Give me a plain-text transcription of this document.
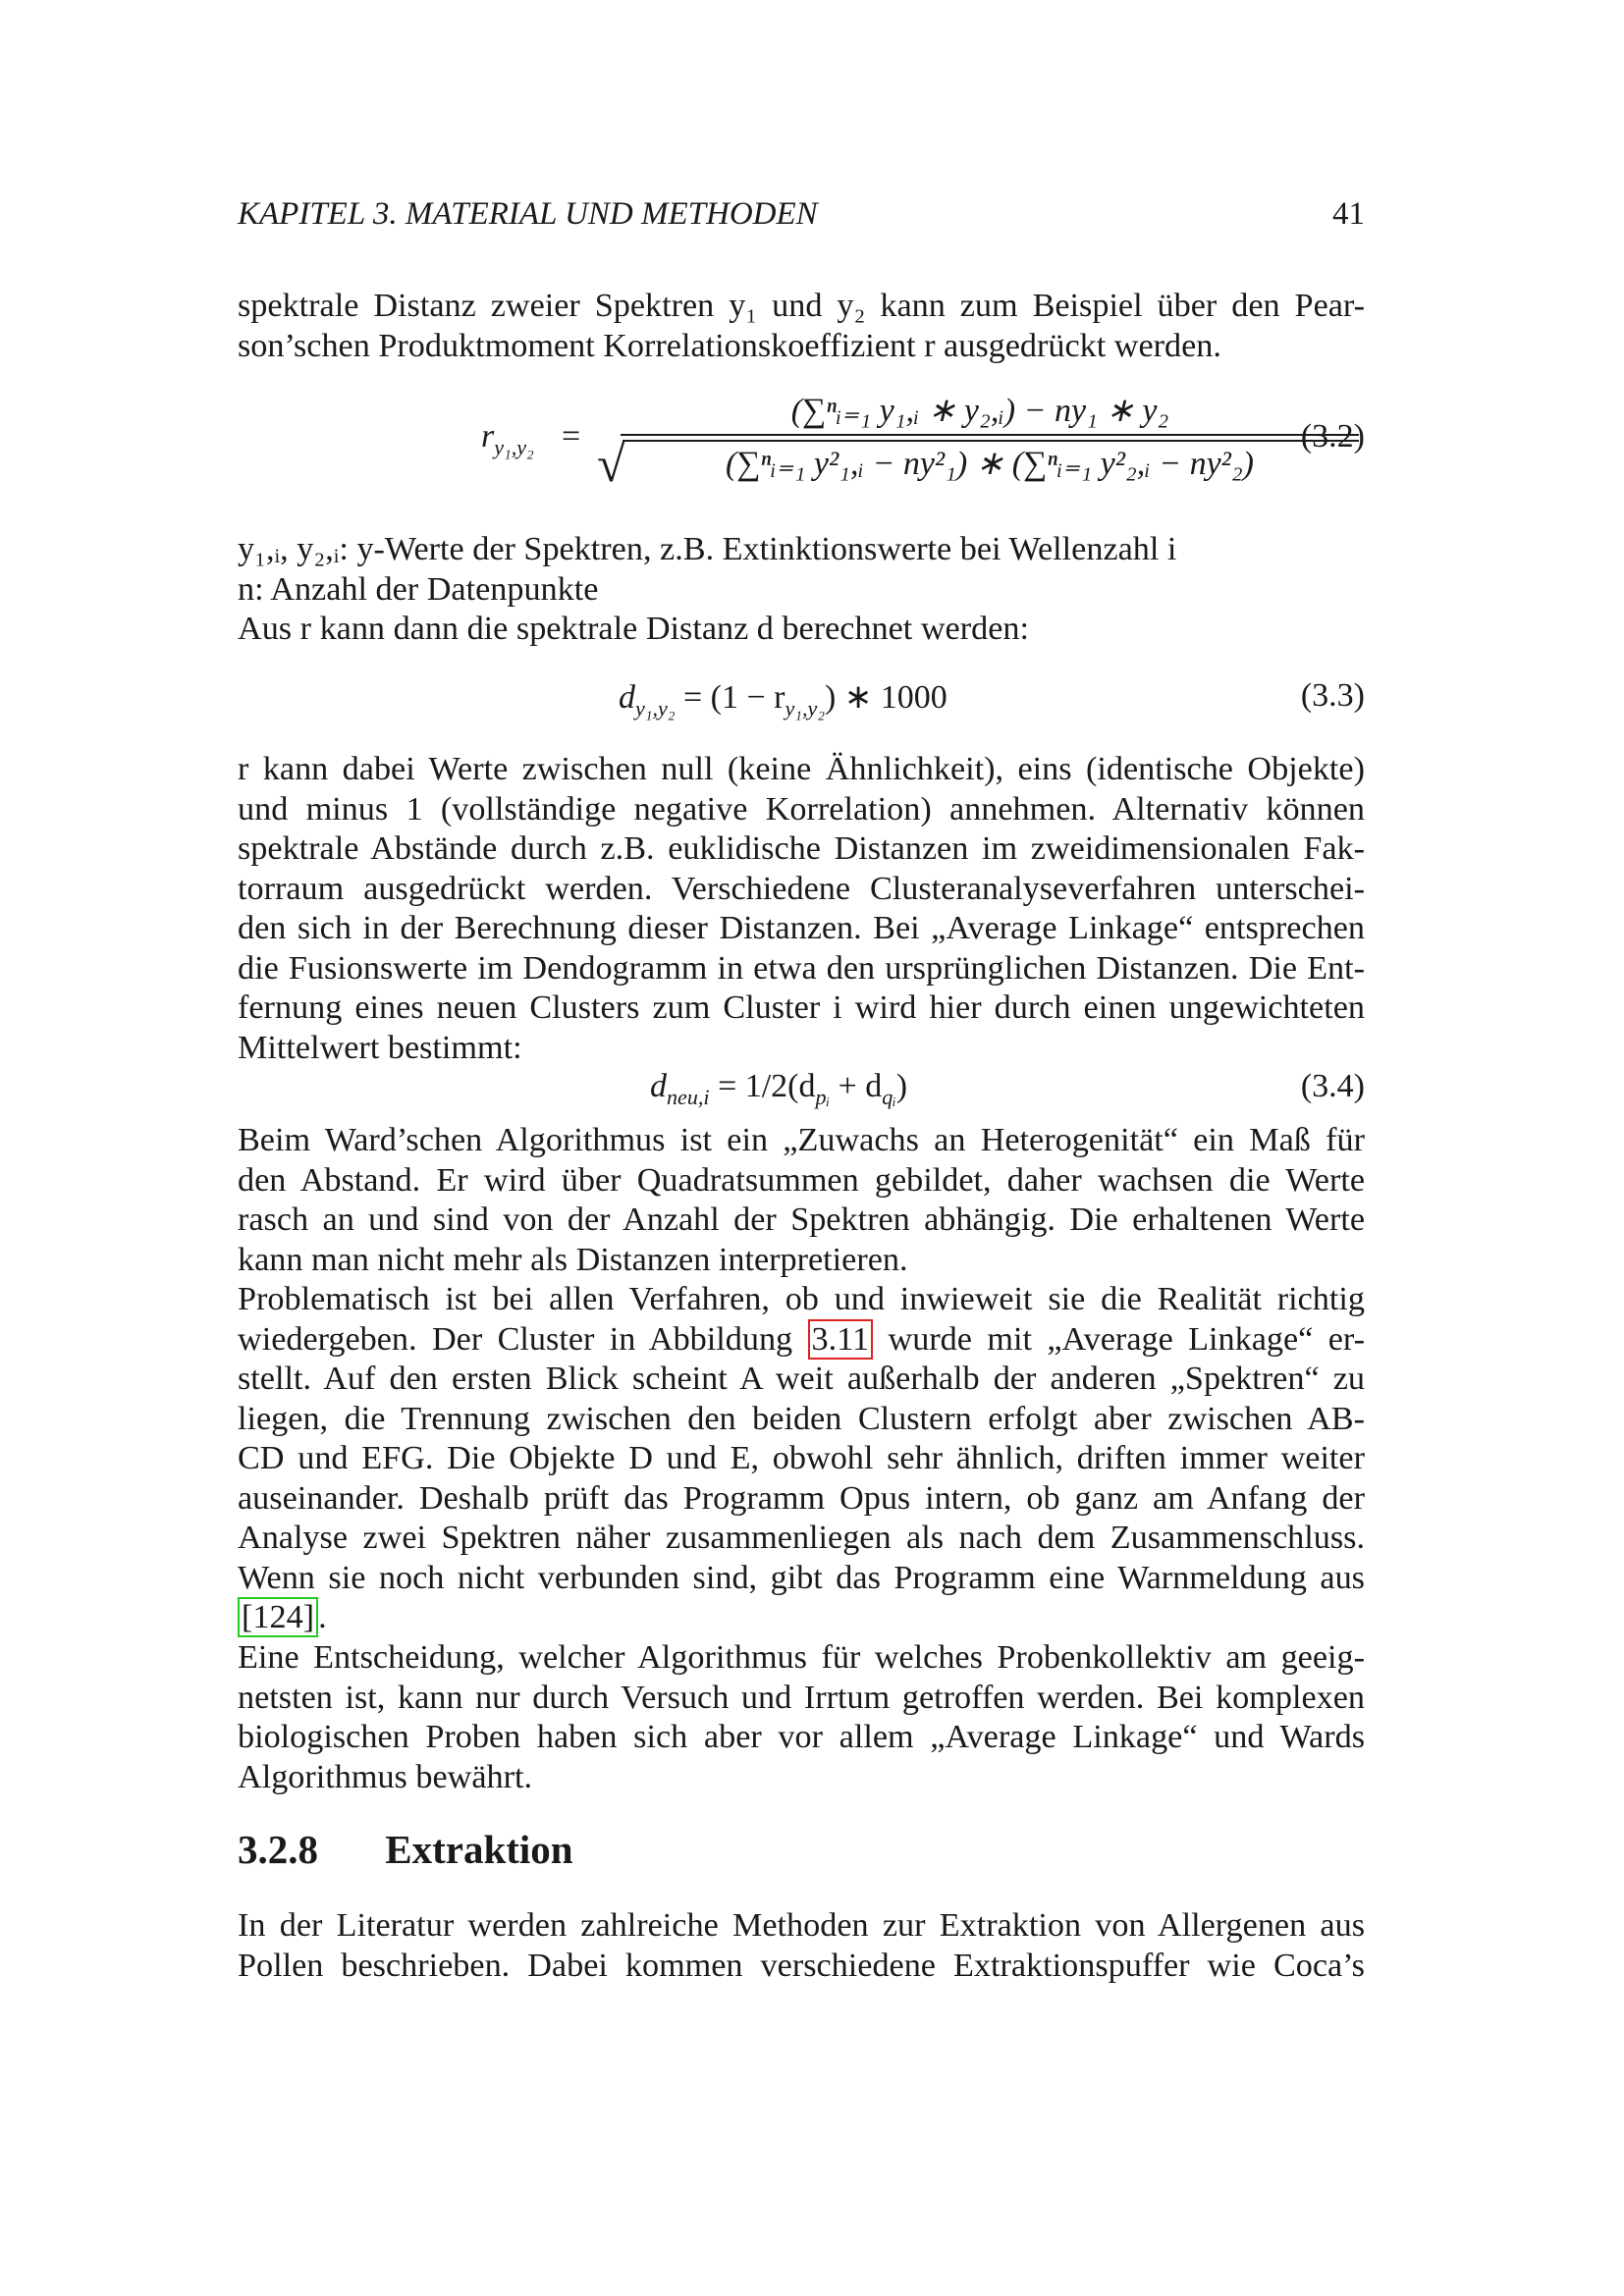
KAPITEL 3. MATERIAL UND METHODEN	41
spektrale Distanz zweier Spektren y₁ und y₂ kann zum Beispiel über den Pear-
son’schen Produktmoment Korrelationskoeffizient r ausgedrückt werden.
$r_{y_1,y_2}$ =
(∑ⁿᵢ₌₁ y₁,ᵢ ∗ y₂,ᵢ) − ny₁ ∗ y₂
√	(∑ⁿᵢ₌₁ y²₁,ᵢ − ny²₁) ∗ (∑ⁿᵢ₌₁ y²₂,ᵢ − ny²₂)
(3.2)
y₁,ᵢ, y₂,ᵢ: y-Werte der Spektren, z.B. Extinktionswerte bei Wellenzahl i
n: Anzahl der Datenpunkte
Aus r kann dann die spektrale Distanz d berechnet werden:
$d_{y_1,y_2} = (1 - r_{y_1,y_2})$ ∗ 1000	(3.3)
r kann dabei Werte zwischen null (keine Ähnlichkeit), eins (identische Objekte)
und minus 1 (vollständige negative Korrelation) annehmen. Alternativ können
spektrale Abstände durch z.B. euklidische Distanzen im zweidimensionalen Fak-
torraum ausgedrückt werden. Verschiedene Clusteranalyseverfahren unterschei-
den sich in der Berechnung dieser Distanzen. Bei „Average Linkage“ entsprechen
die Fusionswerte im Dendogramm in etwa den ursprünglichen Distanzen. Die Ent-
fernung eines neuen Clusters zum Cluster i wird hier durch einen ungewichteten
Mittelwert bestimmt:
$d_{neu,i} = 1/2(d_{pᵢ} + d_{qᵢ})$	(3.4)
Beim Ward’schen Algorithmus ist ein „Zuwachs an Heterogenität“ ein Maß für
den Abstand. Er wird über Quadratsummen gebildet, daher wachsen die Werte
rasch an und sind von der Anzahl der Spektren abhängig. Die erhaltenen Werte
kann man nicht mehr als Distanzen interpretieren.
Problematisch ist bei allen Verfahren, ob und inwieweit sie die Realität richtig
wiedergeben. Der Cluster in Abbildung 3.11 wurde mit „Average Linkage“ er-
stellt. Auf den ersten Blick scheint A weit außerhalb der anderen „Spektren“ zu
liegen, die Trennung zwischen den beiden Clustern erfolgt aber zwischen AB-
CD und EFG. Die Objekte D und E, obwohl sehr ähnlich, driften immer weiter
auseinander. Deshalb prüft das Programm Opus intern, ob ganz am Anfang der
Analyse zwei Spektren näher zusammenliegen als nach dem Zusammenschluss.
Wenn sie noch nicht verbunden sind, gibt das Programm eine Warnmeldung aus
[124] .
Eine Entscheidung, welcher Algorithmus für welches Probenkollektiv am geeig-
netsten ist, kann nur durch Versuch und Irrtum getroffen werden. Bei komplexen
biologischen Proben haben sich aber vor allem „Average Linkage“ und Wards
Algorithmus bewährt.
3.2.8 Extraktion
In der Literatur werden zahlreiche Methoden zur Extraktion von Allergenen aus
Pollen beschrieben. Dabei kommen verschiedene Extraktionspuffer wie Coca’s
